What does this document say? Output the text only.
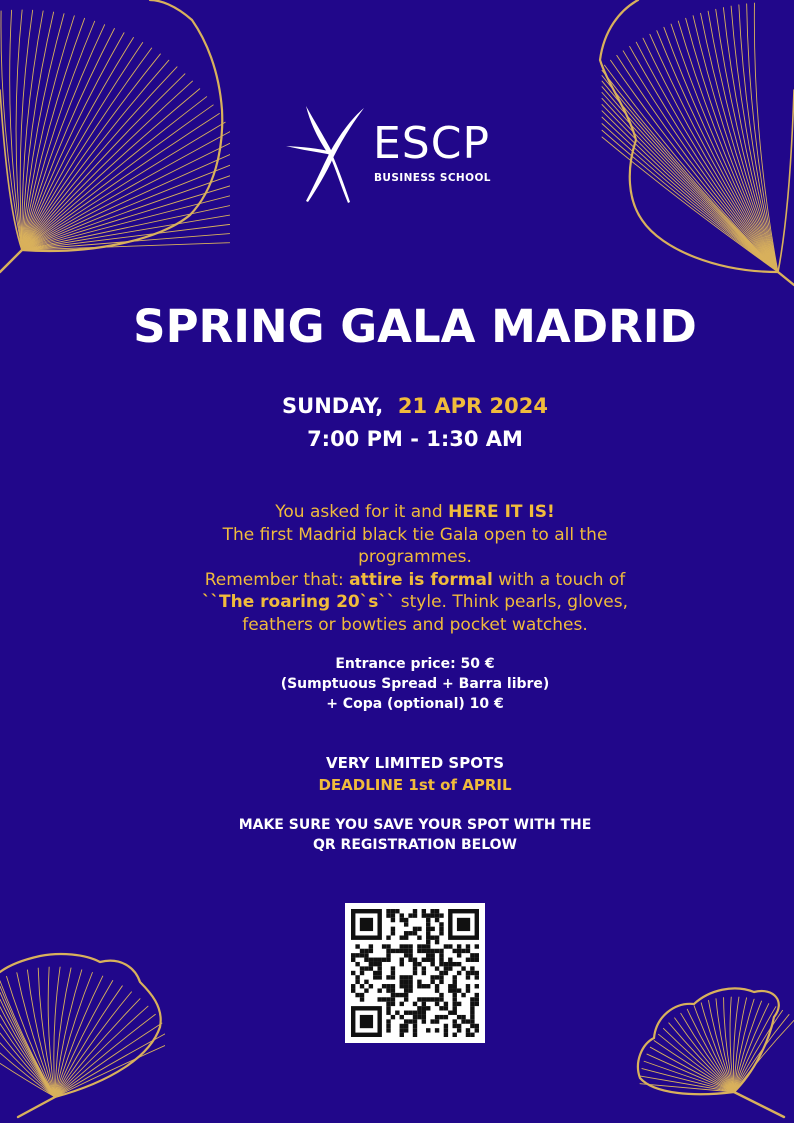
ESCP
BUSINESS SCHOOL
SPRING GALA MADRID
SUNDAY,  21 APR 2024
7:00 PM - 1:30 AM
You asked for it and HERE IT IS!
The first Madrid black tie Gala open to all the programmes.
Remember that: attire is formal with a touch of
``The roaring 20`s`` style. Think pearls, gloves, feathers or bowties and pocket watches.
Entrance price: 50 €
(Sumptuous Spread + Barra libre)
+ Copa (optional) 10 €
VERY LIMITED SPOTS
DEADLINE 1st of APRIL
MAKE SURE YOU SAVE YOUR SPOT WITH THE
QR REGISTRATION BELOW
